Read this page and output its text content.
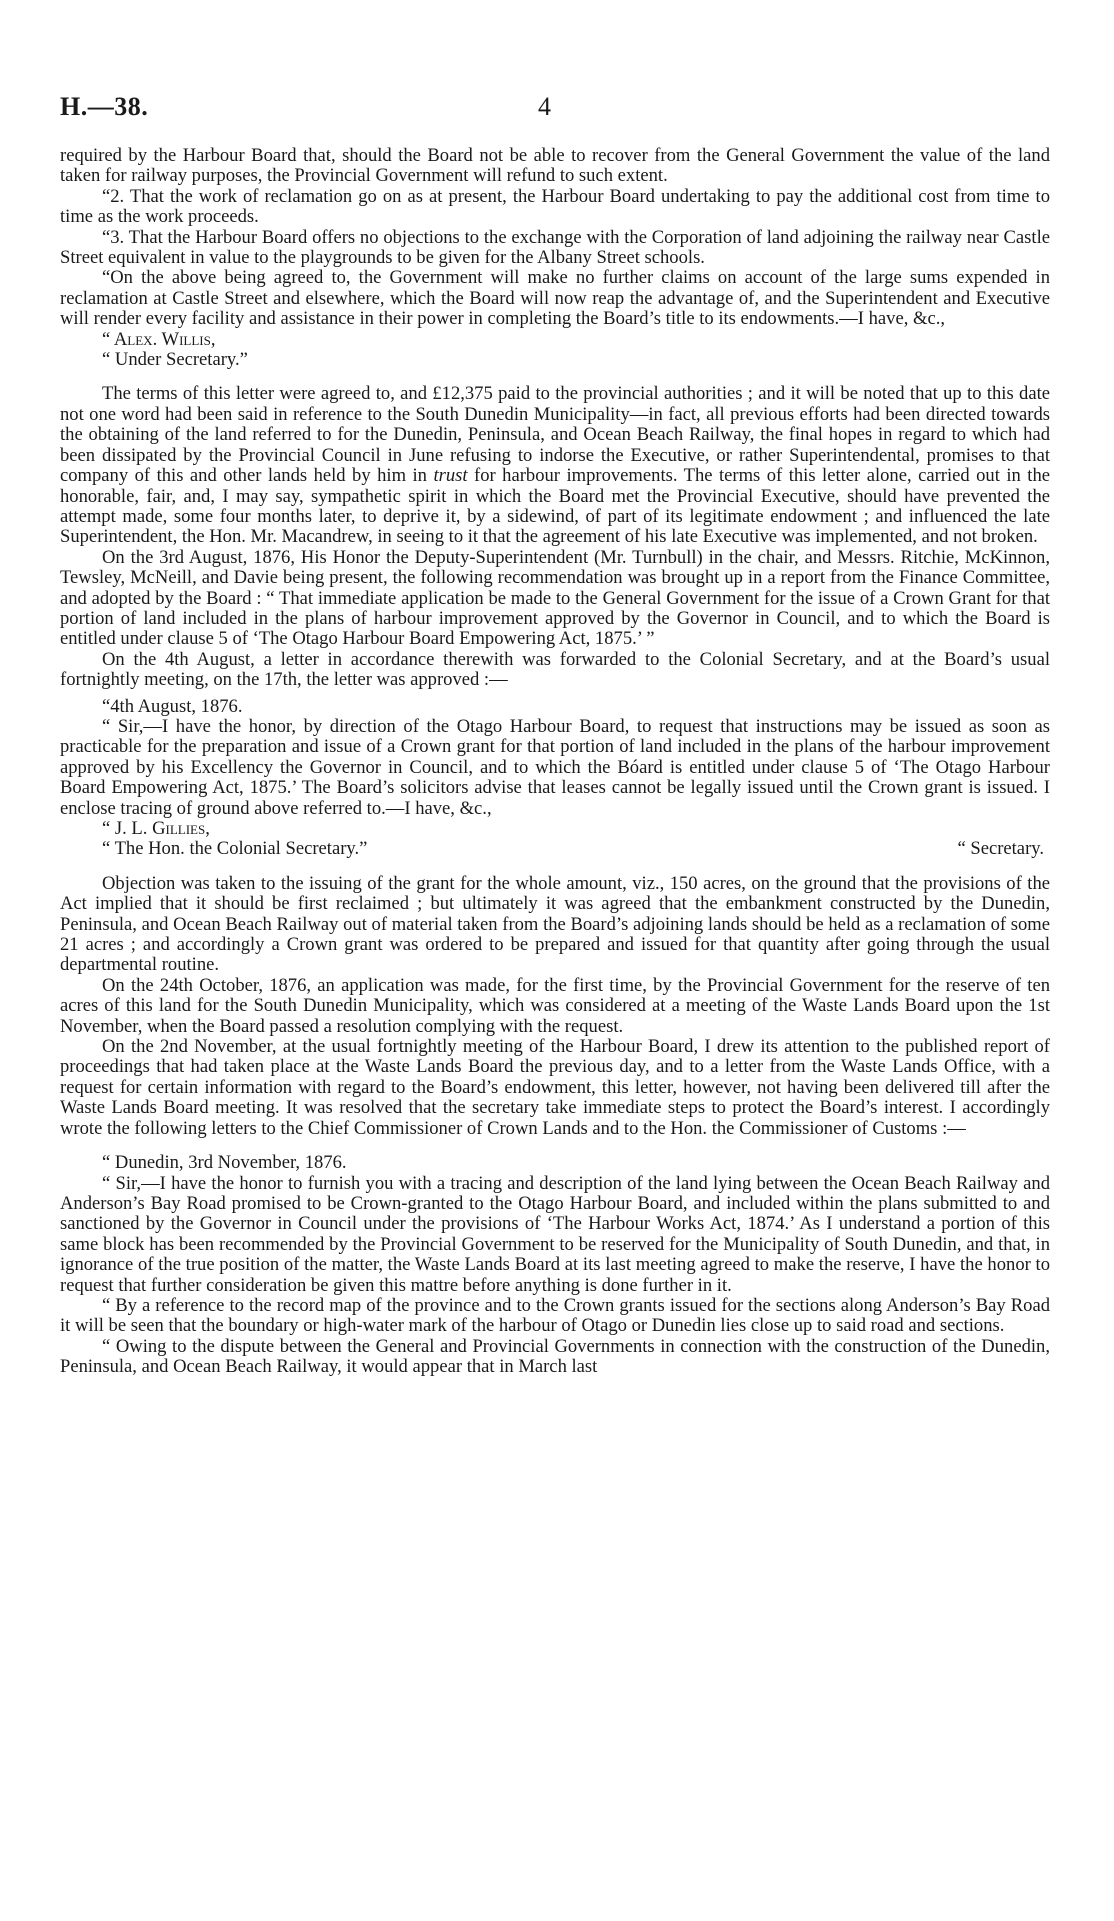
H.—38.	4

required by the Harbour Board that, should the Board not be able to recover from the General Government the value of the land taken for railway purposes, the Provincial Government will refund to such extent.

“2. That the work of reclamation go on as at present, the Harbour Board undertaking to pay the additional cost from time to time as the work proceeds.

“3. That the Harbour Board offers no objections to the exchange with the Corporation of land adjoining the railway near Castle Street equivalent in value to the playgrounds to be given for the Albany Street schools.

“On the above being agreed to, the Government will make no further claims on account of the large sums expended in reclamation at Castle Street and elsewhere, which the Board will now reap the advantage of, and the Superintendent and Executive will render every facility and assistance in their power in completing the Board’s title to its endowments.—I have, &c.,

“ Alex. Willis,

“ Under Secretary.”

The terms of this letter were agreed to, and £12,375 paid to the provincial authorities ; and it will be noted that up to this date not one word had been said in reference to the South Dunedin Municipality—in fact, all previous efforts had been directed towards the obtaining of the land referred to for the Dunedin, Peninsula, and Ocean Beach Railway, the final hopes in regard to which had been dissipated by the Provincial Council in June refusing to indorse the Executive, or rather Superintendental, promises to that company of this and other lands held by him in trust for harbour improvements. The terms of this letter alone, carried out in the honorable, fair, and, I may say, sympathetic spirit in which the Board met the Provincial Executive, should have prevented the attempt made, some four months later, to deprive it, by a sidewind, of part of its legitimate endowment ; and influenced the late Superintendent, the Hon. Mr. Macandrew, in seeing to it that the agreement of his late Executive was implemented, and not broken.

On the 3rd August, 1876, His Honor the Deputy-Superintendent (Mr. Turnbull) in the chair, and Messrs. Ritchie, McKinnon, Tewsley, McNeill, and Davie being present, the following recommendation was brought up in a report from the Finance Committee, and adopted by the Board : “ That immediate application be made to the General Government for the issue of a Crown Grant for that portion of land included in the plans of harbour improvement approved by the Governor in Council, and to which the Board is entitled under clause 5 of ‘The Otago Harbour Board Empowering Act, 1875.’ ”

On the 4th August, a letter in accordance therewith was forwarded to the Colonial Secretary, and at the Board’s usual fortnightly meeting, on the 17th, the letter was approved :—

“4th August, 1876.

“ Sir,—I have the honor, by direction of the Otago Harbour Board, to request that instructions may be issued as soon as practicable for the preparation and issue of a Crown grant for that portion of land included in the plans of the harbour improvement approved by his Excellency the Governor in Council, and to which the Bóard is entitled under clause 5 of ‘The Otago Harbour Board Empowering Act, 1875.’ The Board’s solicitors advise that leases cannot be legally issued until the Crown grant is issued. I enclose tracing of ground above referred to.—I have, &c.,

“ J. L. Gillies,

“ The Hon. the Colonial Secretary.”	“ Secretary.

Objection was taken to the issuing of the grant for the whole amount, viz., 150 acres, on the ground that the provisions of the Act implied that it should be first reclaimed ; but ultimately it was agreed that the embankment constructed by the Dunedin, Peninsula, and Ocean Beach Railway out of material taken from the Board’s adjoining lands should be held as a reclamation of some 21 acres ; and accordingly a Crown grant was ordered to be prepared and issued for that quantity after going through the usual departmental routine.

On the 24th October, 1876, an application was made, for the first time, by the Provincial Government for the reserve of ten acres of this land for the South Dunedin Municipality, which was considered at a meeting of the Waste Lands Board upon the 1st November, when the Board passed a resolution complying with the request.

On the 2nd November, at the usual fortnightly meeting of the Harbour Board, I drew its attention to the published report of proceedings that had taken place at the Waste Lands Board the previous day, and to a letter from the Waste Lands Office, with a request for certain information with regard to the Board’s endowment, this letter, however, not having been delivered till after the Waste Lands Board meeting. It was resolved that the secretary take immediate steps to protect the Board’s interest. I accordingly wrote the following letters to the Chief Commissioner of Crown Lands and to the Hon. the Commissioner of Customs :—

“ Dunedin, 3rd November, 1876.

“ Sir,—I have the honor to furnish you with a tracing and description of the land lying between the Ocean Beach Railway and Anderson’s Bay Road promised to be Crown-granted to the Otago Harbour Board, and included within the plans submitted to and sanctioned by the Governor in Council under the provisions of ‘The Harbour Works Act, 1874.’ As I understand a portion of this same block has been recommended by the Provincial Government to be reserved for the Municipality of South Dunedin, and that, in ignorance of the true position of the matter, the Waste Lands Board at its last meeting agreed to make the reserve, I have the honor to request that further consideration be given this mattre before anything is done further in it.

“ By a reference to the record map of the province and to the Crown grants issued for the sections along Anderson’s Bay Road it will be seen that the boundary or high-water mark of the harbour of Otago or Dunedin lies close up to said road and sections.

“ Owing to the dispute between the General and Provincial Governments in connection with the construction of the Dunedin, Peninsula, and Ocean Beach Railway, it would appear that in March last
